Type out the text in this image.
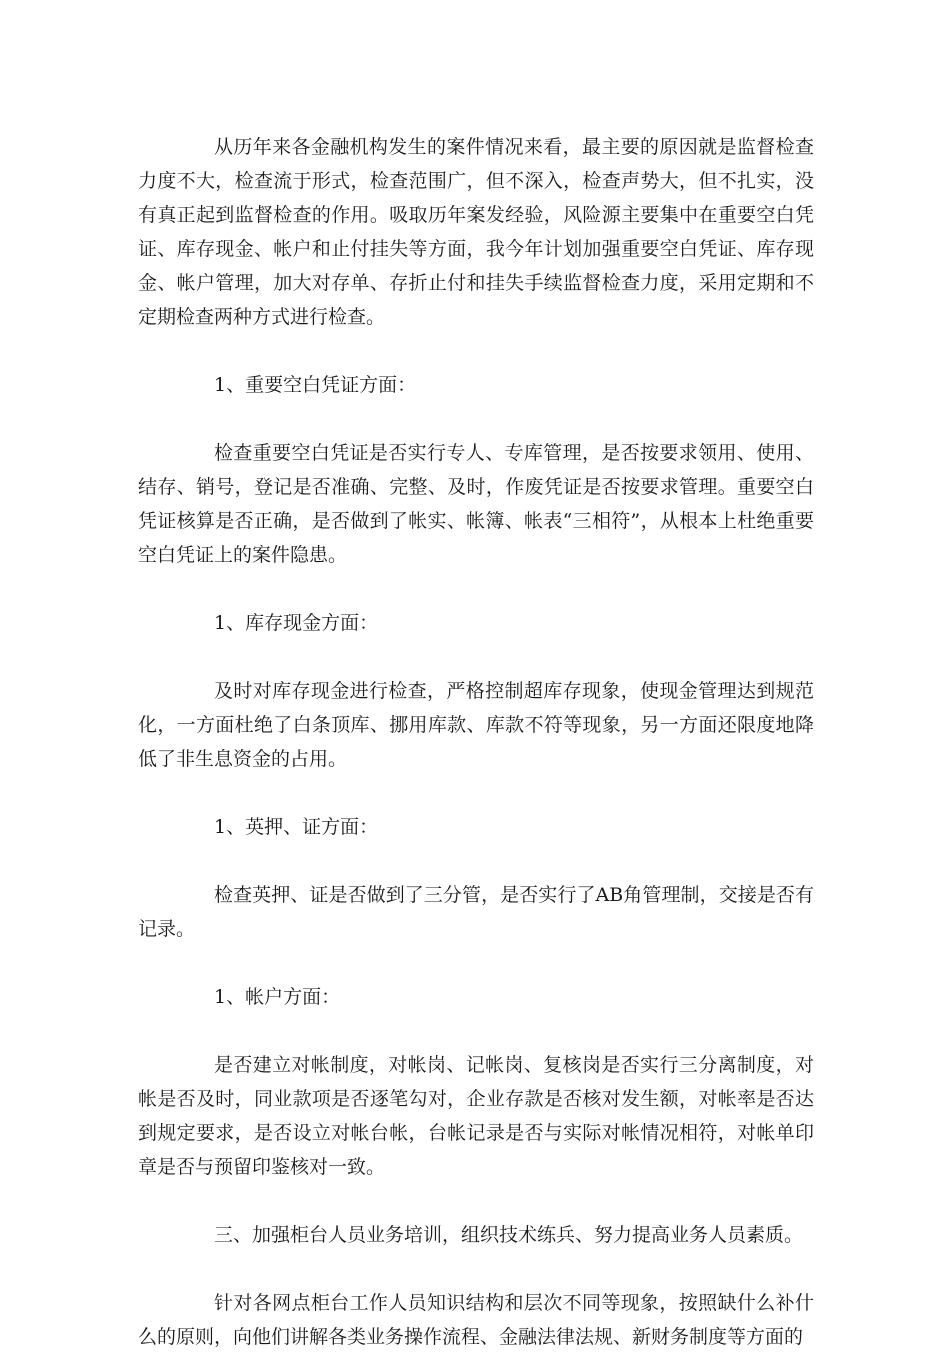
从历年来各金融机构发生的案件情况来看，最主要的原因就是监督检查力度不大，检查流于形式，检查范围广，但不深入，检查声势大，但不扎实，没有真正起到监督检查的作用。吸取历年案发经验，风险源主要集中在重要空白凭证、库存现金、帐户和止付挂失等方面，我今年计划加强重要空白凭证、库存现金、帐户管理，加大对存单、存折止付和挂失手续监督检查力度，采用定期和不定期检查两种方式进行检查。

1、重要空白凭证方面：

检查重要空白凭证是否实行专人、专库管理，是否按要求领用、使用、结存、销号，登记是否准确、完整、及时，作废凭证是否按要求管理。重要空白凭证核算是否正确，是否做到了帐实、帐簿、帐表“三相符”，从根本上杜绝重要空白凭证上的案件隐患。

1、库存现金方面：

及时对库存现金进行检查，严格控制超库存现象，使现金管理达到规范化，一方面杜绝了白条顶库、挪用库款、库款不符等现象，另一方面还限度地降低了非生息资金的占用。

1、英押、证方面：

检查英押、证是否做到了三分管，是否实行了AB角管理制，交接是否有记录。

1、帐户方面：

是否建立对帐制度，对帐岗、记帐岗、复核岗是否实行三分离制度，对帐是否及时，同业款项是否逐笔勾对，企业存款是否核对发生额，对帐率是否达到规定要求，是否设立对帐台帐，台帐记录是否与实际对帐情况相符，对帐单印章是否与预留印鉴核对一致。

三、加强柜台人员业务培训，组织技术练兵、努力提高业务人员素质。

针对各网点柜台工作人员知识结构和层次不同等现象，按照缺什么补什么的原则，向他们讲解各类业务操作流程、金融法律法规、新财务制度等方面的
